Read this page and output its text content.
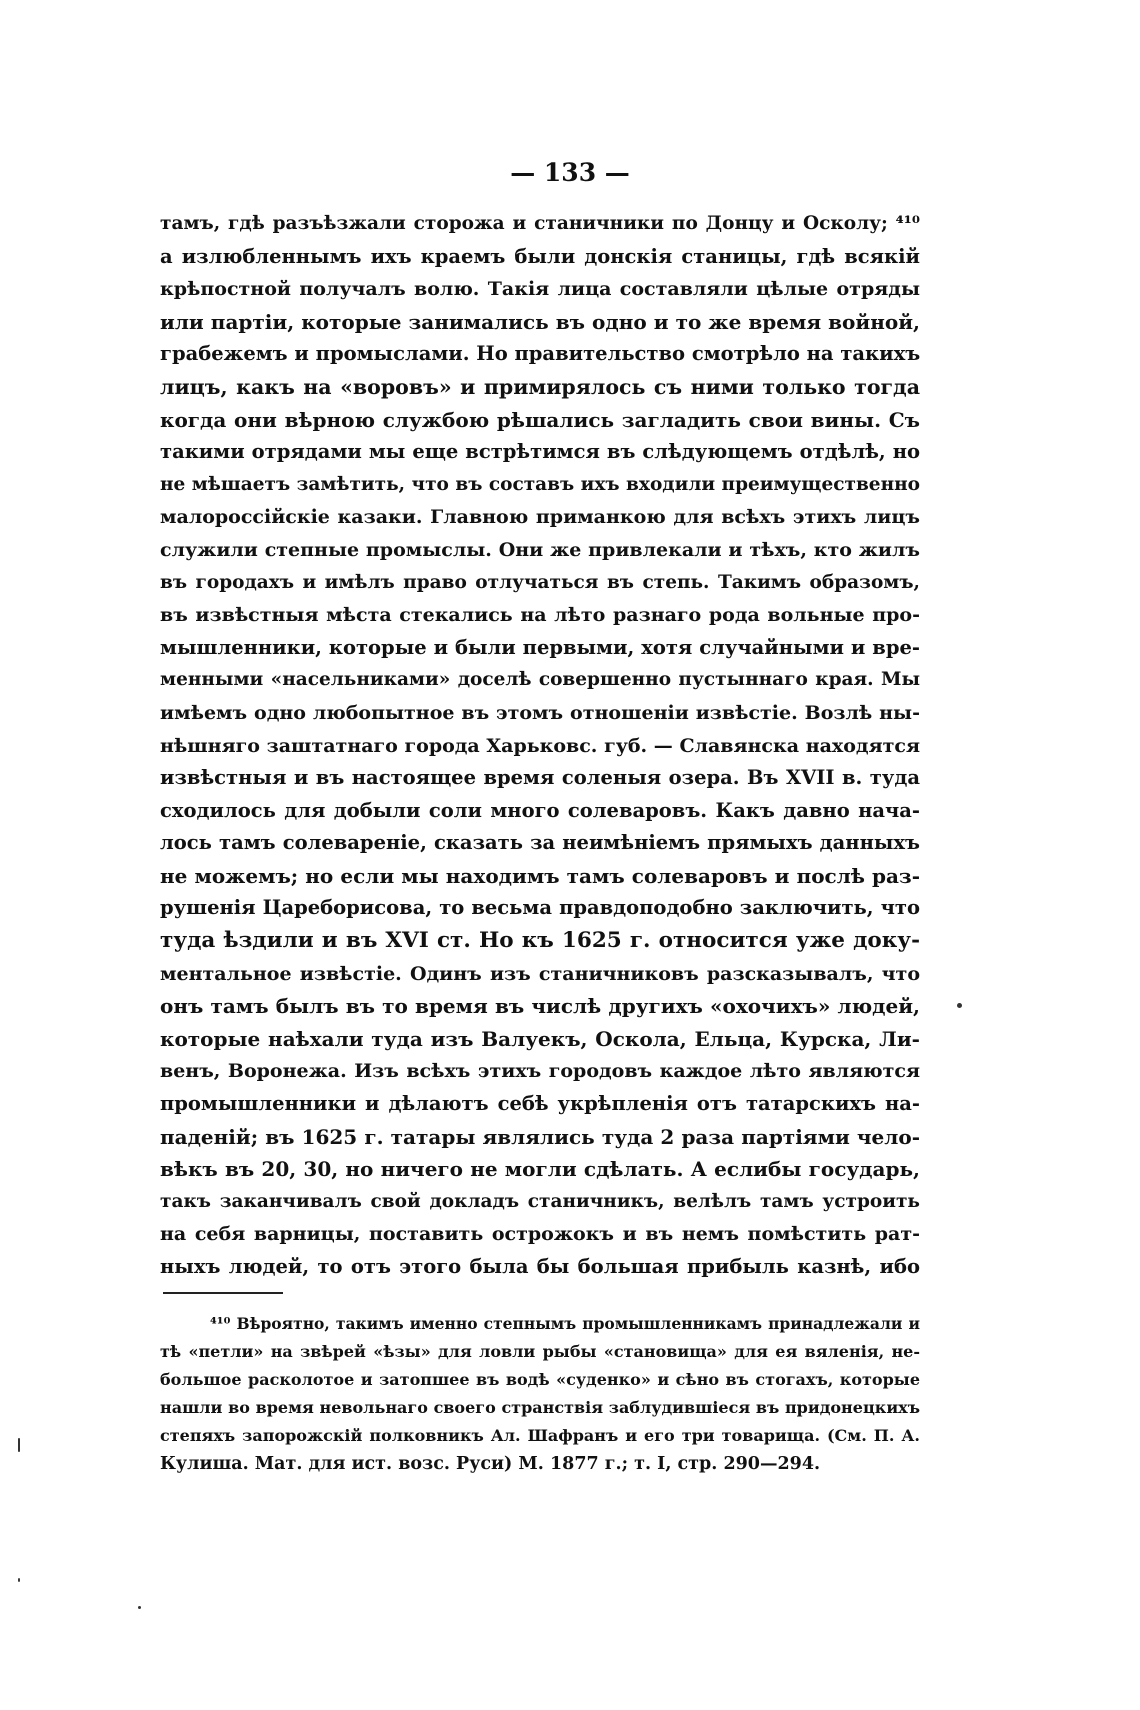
— 133 —
тамъ, гдѣ разъѣзжали сторожа и станичники по Донцу и Осколу; ⁴¹⁰
а излюбленнымъ ихъ краемъ были донскія станицы, гдѣ всякій
крѣпостной получалъ волю. Такія лица составляли цѣлые отряды
или партіи, которые занимались въ одно и то же время войной,
грабежемъ и промыслами. Но правительство смотрѣло на такихъ
лицъ, какъ на «воровъ» и примирялось съ ними только тогда
когда они вѣрною службою рѣшались загладить свои вины. Съ
такими отрядами мы еще встрѣтимся въ слѣдующемъ отдѣлѣ, но
не мѣшаетъ замѣтить, что въ составъ ихъ входили преимущественно
малороссійскіе казаки. Главною приманкою для всѣхъ этихъ лицъ
служили степные промыслы. Они же привлекали и тѣхъ, кто жилъ
въ городахъ и имѣлъ право отлучаться въ степь. Такимъ образомъ,
въ извѣстныя мѣста стекались на лѣто разнаго рода вольные про-
мышленники, которые и были первыми, хотя случайными и вре-
менными «насельниками» доселѣ совершенно пустыннаго края. Мы
имѣемъ одно любопытное въ этомъ отношеніи извѣстіе. Возлѣ ны-
нѣшняго заштатнаго города Харьковс. губ. — Славянска находятся
извѣстныя и въ настоящее время соленыя озера. Въ XVII в. туда
сходилось для добыли соли много солеваровъ. Какъ давно нача-
лось тамъ солевареніе, сказать за неимѣніемъ прямыхъ данныхъ
не можемъ; но если мы находимъ тамъ солеваровъ и послѣ раз-
рушенія Царебориcова, то весьма правдоподобно заключить, что
туда ѣздили и въ XVI ст. Но къ 1625 г. относится уже доку-
ментальное извѣстіе. Одинъ изъ станичниковъ разсказывалъ, что
онъ тамъ былъ въ то время въ числѣ другихъ «охочихъ» людей,
которые наѣхали туда изъ Валуекъ, Оскола, Ельца, Курска, Ли-
венъ, Воронежа. Изъ всѣхъ этихъ городовъ каждое лѣто являются
промышленники и дѣлаютъ себѣ укрѣпленія отъ татарскихъ на-
паденій; въ 1625 г. татары являлись туда 2 раза партіями чело-
вѣкъ въ 20, 30, но ничего не могли сдѣлать. А еслибы государь,
такъ заканчивалъ свой докладъ станичникъ, велѣлъ тамъ устроить
на себя варницы, поставить острожокъ и въ немъ помѣстить рат-
ныхъ людей, то отъ этого была бы большая прибыль казнѣ, ибо
⁴¹⁰ Вѣроятно, такимъ именно степнымъ промышленникамъ принадлежали и
тѣ «петли» на звѣрей «ѣзы» для ловли рыбы «становища» для ея вяленія, не-
большое расколотое и затопшее въ водѣ «суденко» и сѣно въ стогахъ, которые
нашли во время невольнаго своего странствія заблудившіеся въ придонецкихъ
степяхъ запорожскій полковникъ Ал. Шафранъ и его три товарища. (См. П. А.
Кулиша. Мат. для ист. возс. Руси) М. 1877 г.; т. I, стр. 290—294.
